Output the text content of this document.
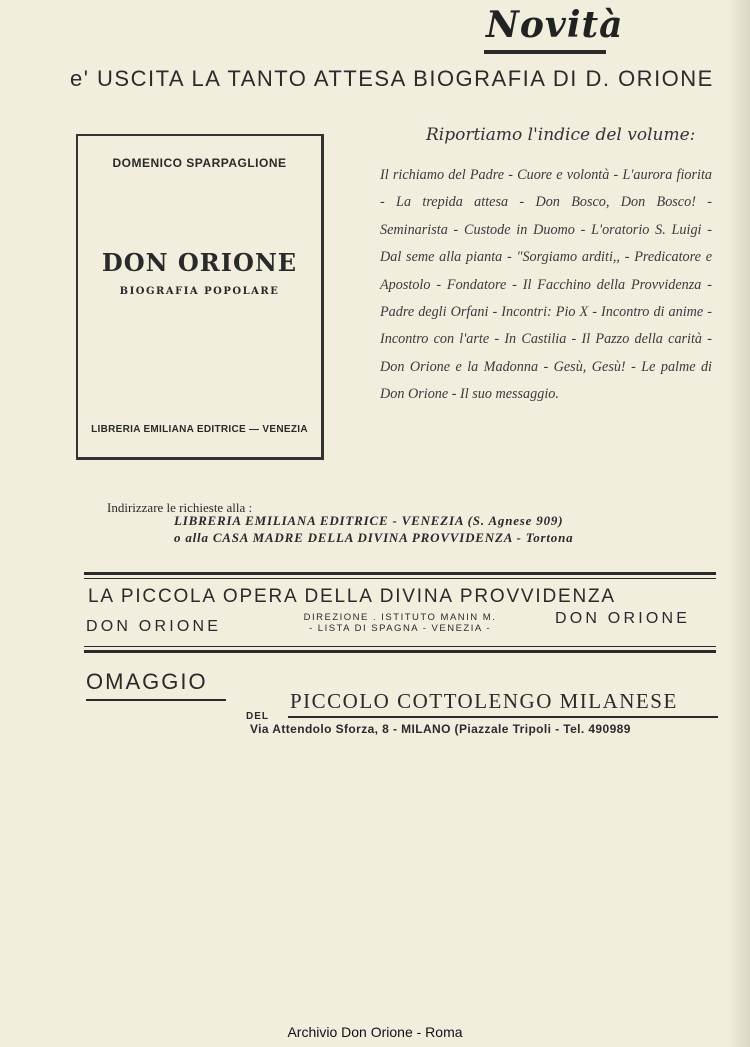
Novità
e' USCITA LA TANTO ATTESA BIOGRAFIA DI D. ORIONE
DOMENICO SPARPAGLIONE
DON ORIONE
BIOGRAFIA POPOLARE
LIBRERIA EMILIANA EDITRICE — VENEZIA
Riportiamo l'indice del volume:
Il richiamo del Padre - Cuore e volontà - L'aurora fiorita - La trepida attesa - Don Bosco, Don Bosco! - Seminarista - Custode in Duomo - L'oratorio S. Luigi - Dal seme alla pianta - "Sorgiamo arditi,, - Predicatore e Apostolo - Fondatore - Il Facchino della Provvidenza - Padre degli Orfani - Incontri: Pio X - Incontro di anime - Incontro con l'arte - In Castilia - Il Pazzo della carità - Don Orione e la Madonna - Gesù, Gesù! - Le palme di Don Orione - Il suo messaggio.
Indirizzare le richieste alla :
LIBRERIA EMILIANA EDITRICE - VENEZIA (S. Agnese 909)
o alla CASA MADRE DELLA DIVINA PROVVIDENZA - Tortona
LA PICCOLA OPERA DELLA DIVINA PROVVIDENZA
DON ORIONE
DIREZIONE . ISTITUTO MANIN M.
- LISTA DI SPAGNA - VENEZIA -
DON ORIONE
OMAGGIO
DEL
PICCOLO COTTOLENGO MILANESE
Via Attendolo Sforza, 8 - MILANO (Piazzale Tripoli - Tel. 490989
Archivio Don Orione - Roma
